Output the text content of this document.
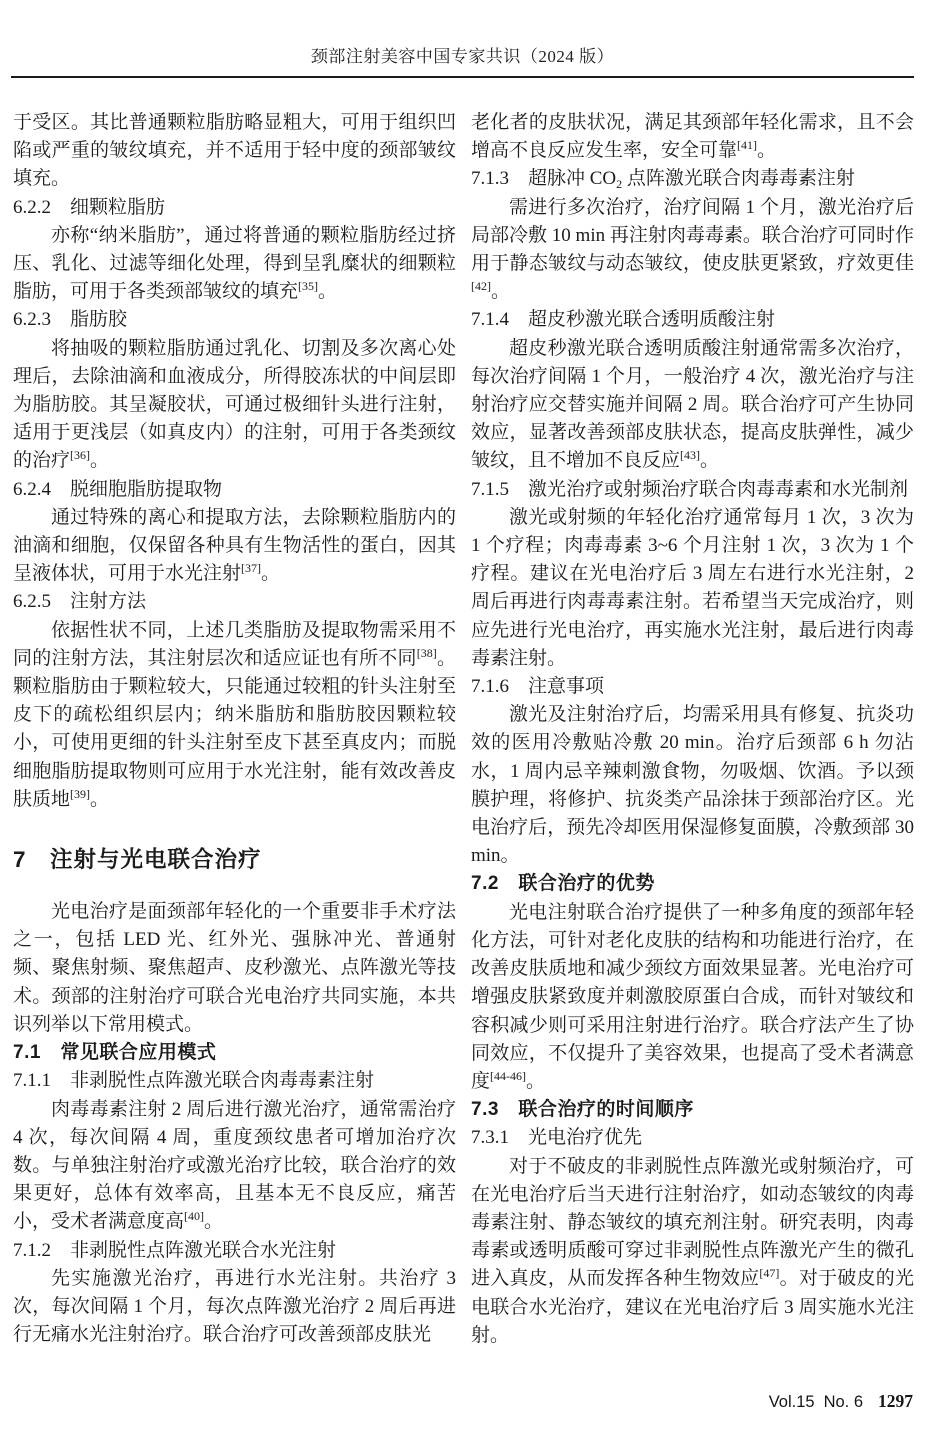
颈部注射美容中国专家共识（2024 版）
于受区。其比普通颗粒脂肪略显粗大，可用于组织凹陷或严重的皱纹填充，并不适用于轻中度的颈部皱纹填充。
6.2.2　细颗粒脂肪
亦称“纳米脂肪”，通过将普通的颗粒脂肪经过挤压、乳化、过滤等细化处理，得到呈乳糜状的细颗粒脂肪，可用于各类颈部皱纹的填充[35]。
6.2.3　脂肪胶
将抽吸的颗粒脂肪通过乳化、切割及多次离心处理后，去除油滴和血液成分，所得胶冻状的中间层即为脂肪胶。其呈凝胶状，可通过极细针头进行注射，适用于更浅层（如真皮内）的注射，可用于各类颈纹的治疗[36]。
6.2.4　脱细胞脂肪提取物
通过特殊的离心和提取方法，去除颗粒脂肪内的油滴和细胞，仅保留各种具有生物活性的蛋白，因其呈液体状，可用于水光注射[37]。
6.2.5　注射方法
依据性状不同，上述几类脂肪及提取物需采用不同的注射方法，其注射层次和适应证也有所不同[38]。颗粒脂肪由于颗粒较大，只能通过较粗的针头注射至皮下的疏松组织层内；纳米脂肪和脂肪胶因颗粒较小，可使用更细的针头注射至皮下甚至真皮内；而脱细胞脂肪提取物则可应用于水光注射，能有效改善皮肤质地[39]。
7　注射与光电联合治疗
光电治疗是面颈部年轻化的一个重要非手术疗法之一，包括 LED 光、红外光、强脉冲光、普通射频、聚焦射频、聚焦超声、皮秒激光、点阵激光等技术。颈部的注射治疗可联合光电治疗共同实施，本共识列举以下常用模式。
7.1　常见联合应用模式
7.1.1　非剥脱性点阵激光联合肉毒毒素注射
肉毒毒素注射 2 周后进行激光治疗，通常需治疗 4 次，每次间隔 4 周，重度颈纹患者可增加治疗次数。与单独注射治疗或激光治疗比较，联合治疗的效果更好，总体有效率高，且基本无不良反应，痛苦小，受术者满意度高[40]。
7.1.2　非剥脱性点阵激光联合水光注射
先实施激光治疗，再进行水光注射。共治疗 3 次，每次间隔 1 个月，每次点阵激光治疗 2 周后再进行无痛水光注射治疗。联合治疗可改善颈部皮肤光
老化者的皮肤状况，满足其颈部年轻化需求，且不会增高不良反应发生率，安全可靠[41]。
7.1.3　超脉冲 $CO_2$ 点阵激光联合肉毒毒素注射
需进行多次治疗，治疗间隔 1 个月，激光治疗后局部冷敷 10 min 再注射肉毒毒素。联合治疗可同时作用于静态皱纹与动态皱纹，使皮肤更紧致，疗效更佳[42]。
7.1.4　超皮秒激光联合透明质酸注射
超皮秒激光联合透明质酸注射通常需多次治疗，每次治疗间隔 1 个月，一般治疗 4 次，激光治疗与注射治疗应交替实施并间隔 2 周。联合治疗可产生协同效应，显著改善颈部皮肤状态，提高皮肤弹性，减少皱纹，且不增加不良反应[43]。
7.1.5　激光治疗或射频治疗联合肉毒毒素和水光制剂
激光或射频的年轻化治疗通常每月 1 次，3 次为 1 个疗程；肉毒毒素 3~6 个月注射 1 次，3 次为 1 个疗程。建议在光电治疗后 3 周左右进行水光注射，2 周后再进行肉毒毒素注射。若希望当天完成治疗，则应先进行光电治疗，再实施水光注射，最后进行肉毒毒素注射。
7.1.6　注意事项
激光及注射治疗后，均需采用具有修复、抗炎功效的医用冷敷贴冷敷 20 min。治疗后颈部 6 h 勿沾水，1 周内忌辛辣刺激食物，勿吸烟、饮酒。予以颈膜护理，将修护、抗炎类产品涂抹于颈部治疗区。光电治疗后，预先冷却医用保湿修复面膜，冷敷颈部 30 min。
7.2　联合治疗的优势
光电注射联合治疗提供了一种多角度的颈部年轻化方法，可针对老化皮肤的结构和功能进行治疗，在改善皮肤质地和减少颈纹方面效果显著。光电治疗可增强皮肤紧致度并刺激胶原蛋白合成，而针对皱纹和容积减少则可采用注射进行治疗。联合疗法产生了协同效应，不仅提升了美容效果，也提高了受术者满意度[44-46]。
7.3　联合治疗的时间顺序
7.3.1　光电治疗优先
对于不破皮的非剥脱性点阵激光或射频治疗，可在光电治疗后当天进行注射治疗，如动态皱纹的肉毒毒素注射、静态皱纹的填充剂注射。研究表明，肉毒毒素或透明质酸可穿过非剥脱性点阵激光产生的微孔进入真皮，从而发挥各种生物效应[47]。对于破皮的光电联合水光治疗，建议在光电治疗后 3 周实施水光注射。
Vol.15 No. 6 1297
